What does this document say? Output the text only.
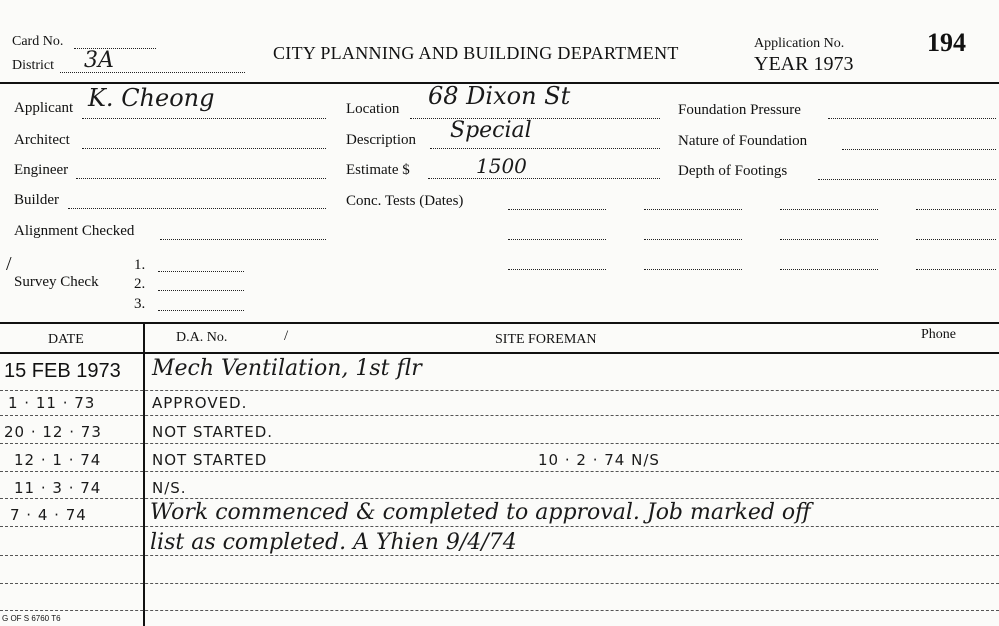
Card No.
District 3A	CITY PLANNING AND BUILDING DEPARTMENT	Application No.
YEAR 1973
194
Applicant K. Cheong
Architect
Engineer
Builder
Alignment Checked
/
Survey Check
1.
2.
3.
Location 68 Dixon St
Description Special
Estimate $	1500
Conc. Tests (Dates)
Foundation Pressure
Nature of Foundation
Depth of Footings
DATE	D.A. No.	/	SITE FOREMAN	Phone
15 FEB 1973 Mech Ventilation, 1st flr
1 · 11 · 73	APPROVED.
20 · 12 · 73	NOT STARTED.
12 · 1 · 74	NOT STARTED	10 · 2 · 74 N/S
11 · 3 · 74	N/S.
7 · 4 · 74	Work commenced & completed to approval. Job marked off
list as completed. A Yhien 9/4/74
G OF S 6760 T6
